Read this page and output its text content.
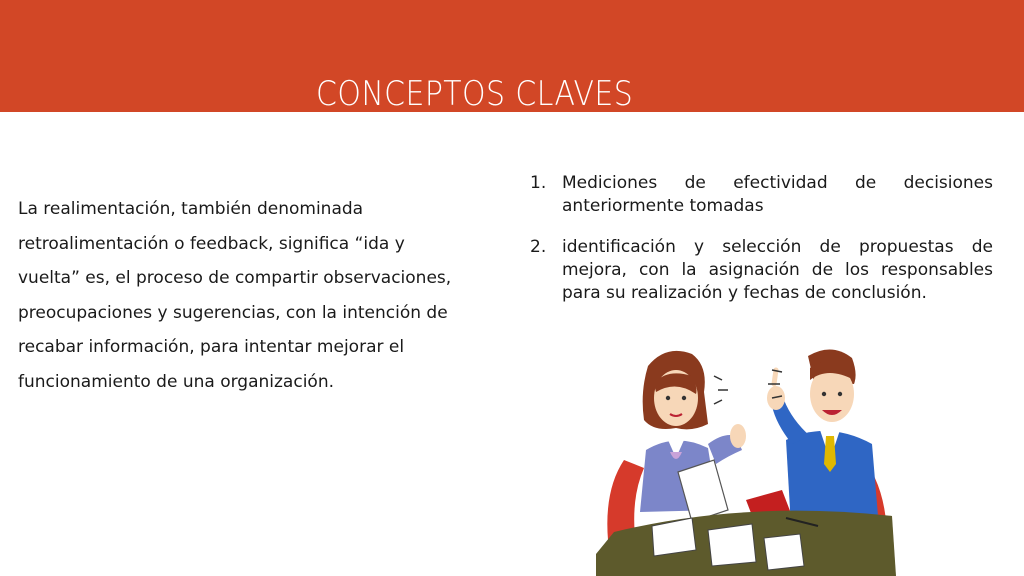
CONCEPTOS CLAVES
La realimentación, también denominada retroalimentación o feedback, significa “ida y vuelta” es, el proceso de compartir observaciones, preocupaciones y sugerencias, con la intención de recabar información, para intentar mejorar el funcionamiento de una organización.
1. Mediciones de efectividad de decisiones anteriormente tomadas
2. identificación y selección de propuestas de mejora, con la asignación de los responsables para su realización y fechas de conclusión.
